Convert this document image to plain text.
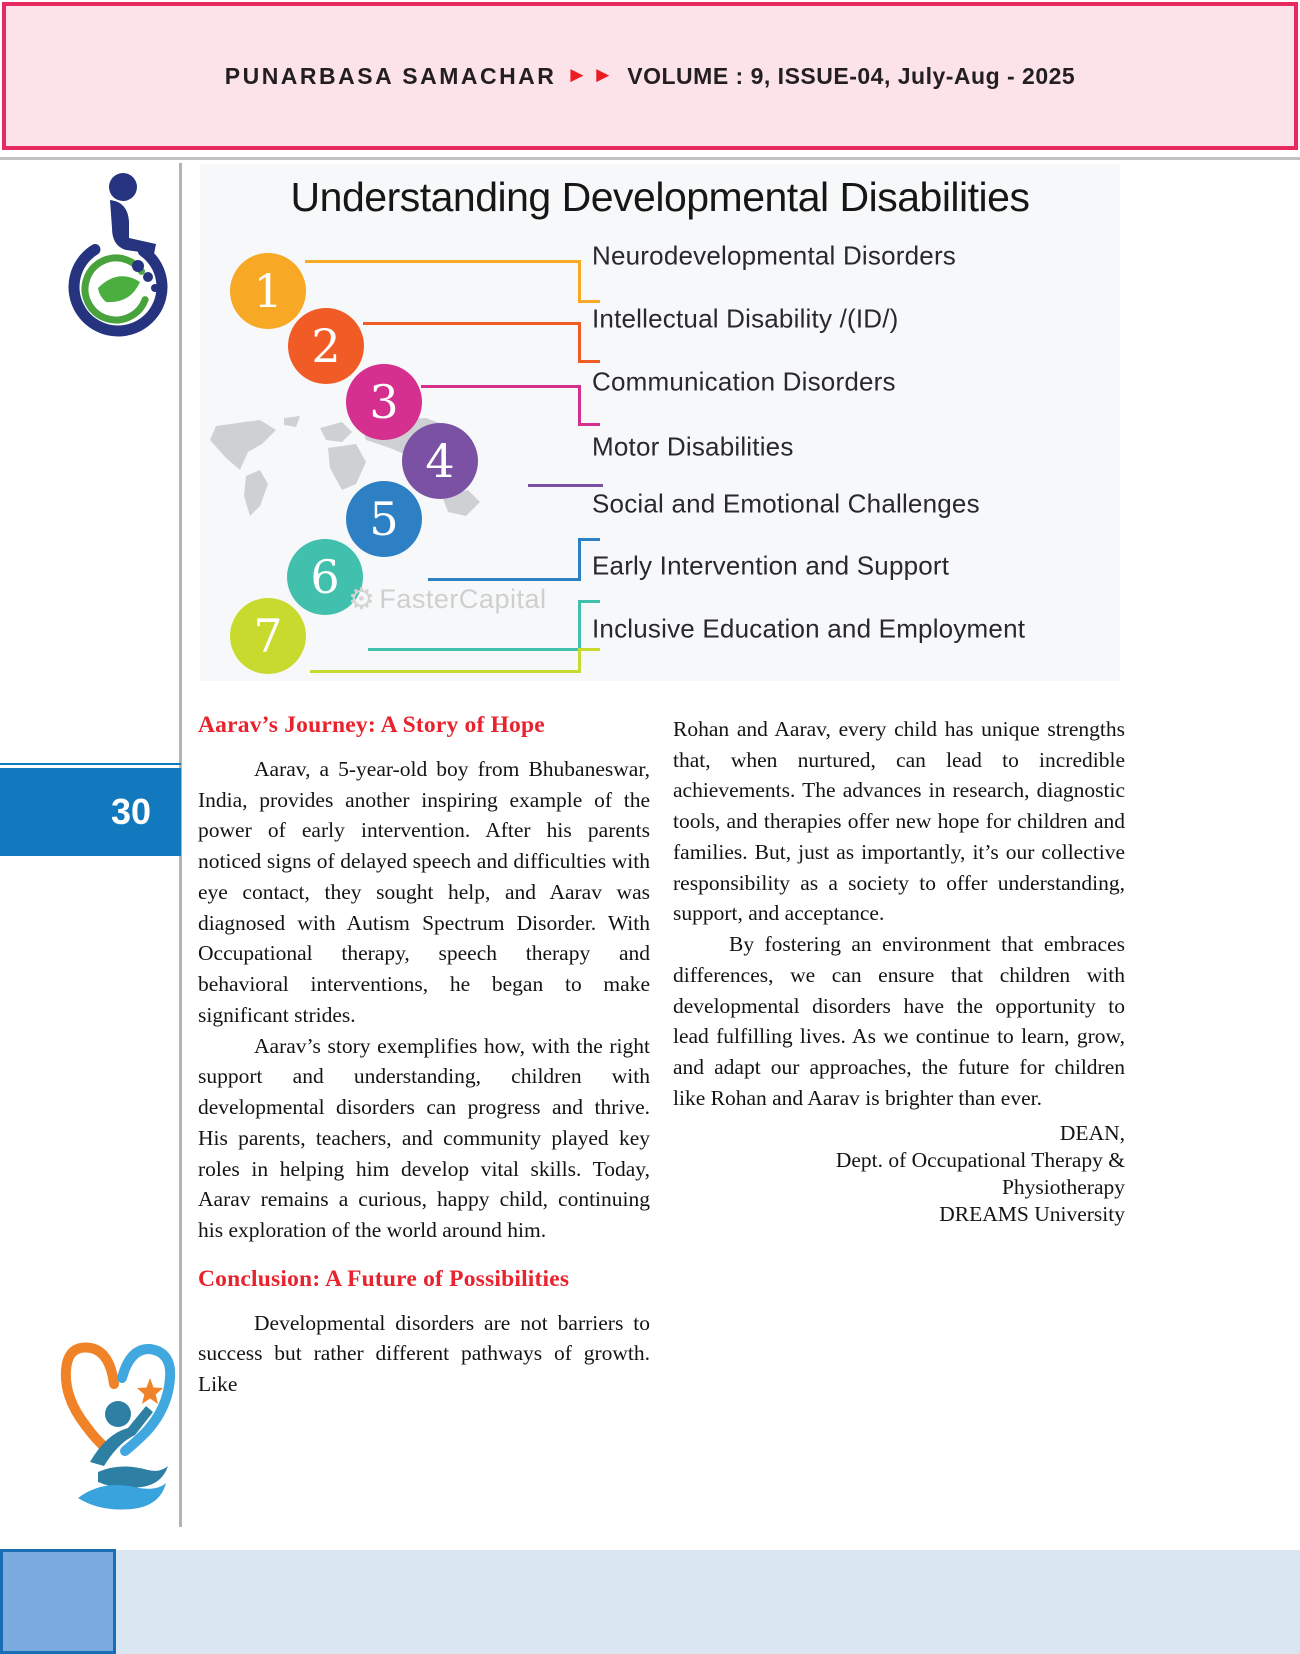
PUNARBASA SAMACHAR ▶ ▶ VOLUME : 9, ISSUE-04, July-Aug - 2025
Understanding Developmental Disabilities
1
Neurodevelopmental Disorders
2
Intellectual Disability /(ID/)
3	Communication Disorders
4	Motor Disabilities
5	Social and Emotional Challenges
6	Early Intervention and Support
7	Inclusive Education and Employment
⚙ FasterCapital
30
Aarav’s Journey: A Story of Hope

Aarav, a 5-year-old boy from Bhubaneswar, India, provides another inspiring example of the power of early intervention. After his parents noticed signs of delayed speech and difficulties with eye contact, they sought help, and Aarav was diagnosed with Autism Spectrum Disorder. With Occupational therapy, speech therapy and behavioral interventions, he began to make significant strides.

Aarav’s story exemplifies how, with the right support and understanding, children with developmental disorders can progress and thrive. His parents, teachers, and community played key roles in helping him develop vital skills. Today, Aarav remains a curious, happy child, continuing his exploration of the world around him.

Conclusion: A Future of Possibilities

Developmental disorders are not barriers to success but rather different pathways of growth. Like

Rohan and Aarav, every child has unique strengths that, when nurtured, can lead to incredible achievements. The advances in research, diagnostic tools, and therapies offer new hope for children and families. But, just as importantly, it’s our collective responsibility as a society to offer understanding, support, and acceptance.

By fostering an environment that embraces differences, we can ensure that children with developmental disorders have the opportunity to lead fulfilling lives. As we continue to learn, grow, and adapt our approaches, the future for children like Rohan and Aarav is brighter than ever.

DEAN,
Dept. of Occupational Therapy &
Physiotherapy
DREAMS University
